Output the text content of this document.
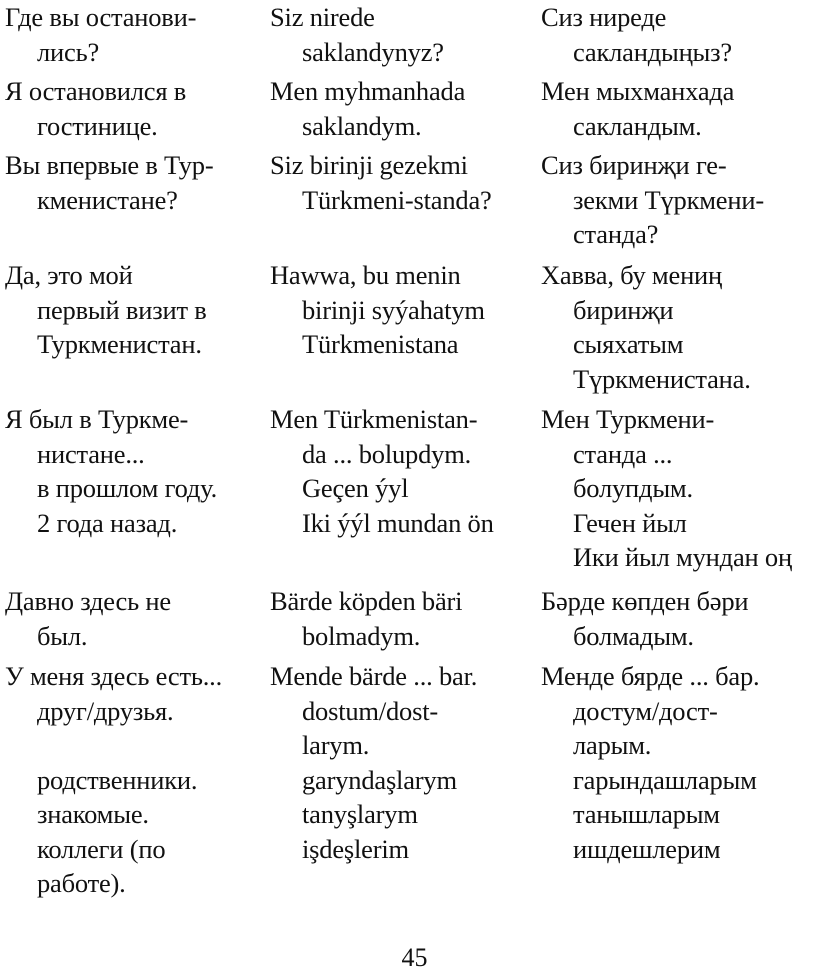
Где вы останови-
лись?
Siz nirede
saklandynyz?
Сиз ниреде
сакландыңыз?
Я остановился в
гостинице.
Men myhmanhada
saklandym.
Мен мыхманхада
сакландым.
Вы впервые в Тур-
кменистане?
Siz birinji gezekmi
Türkmeni-standa?
Сиз биринҗи ге-
зекми Түркмени-
станда?
Да, это мой
первый визит в
Туркменистан.
Hawwa, bu menin
birinji syýahatym
Türkmenistana
Хавва, бу мениң
биринҗи
сыяхатым
Түркменистана.
Я был в Туркме-
нистане...
в прошлом году.
2 года назад.
Men Türkmenistan-
da ... bolupdym.
Geçen ýyl
Iki ýýl mundan ön
Мен Туркмени-
станда ...
болупдым.
Гечен йыл
Ики йыл мундан оң
Давно здесь не
был.
Bärde köpden bäri
bolmadym.
Бәрде көпден бәри
болмадым.
У меня здесь есть...
друг/друзья.

родственники.
знакомые.
коллеги (по
работе).
Mende bärde ... bar.
dostum/dost-
larym.
garyndaşlarym
tanyşlarym
işdeşlerim
Менде бярде ... бар.
достум/дост-
ларым.
гарындашларым
танышларым
ишдешлерим
45
